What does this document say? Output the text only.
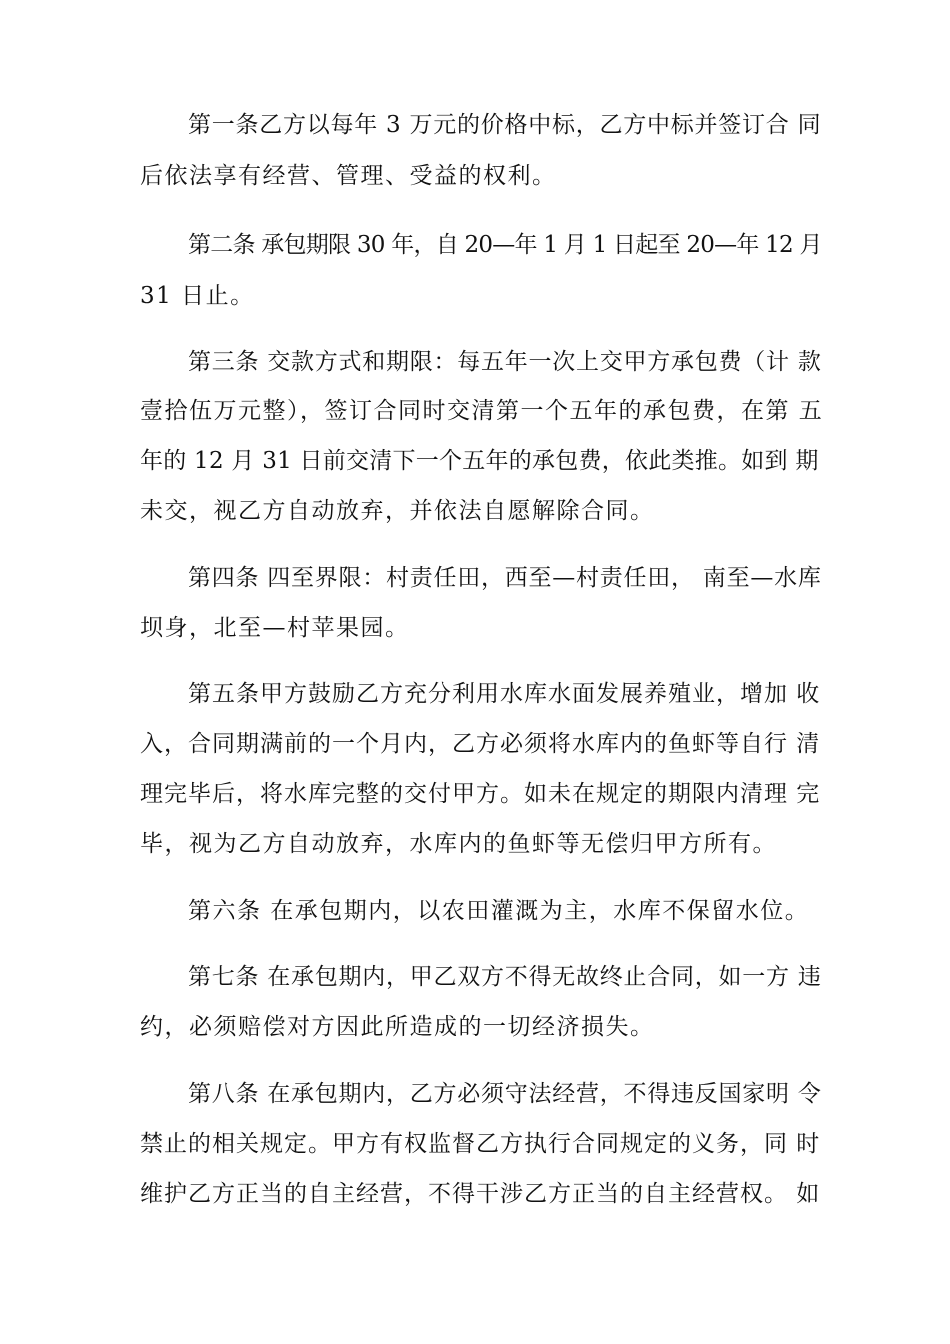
第一条乙方以每年 3 万元的价格中标，乙方中标并签订合 同
后依法享有经营、管理、受益的权利。
第二条 承包期限 30 年，自 20—年 1 月 1 日起至 20—年 12 月
31 日止。
第三条 交款方式和期限：每五年一次上交甲方承包费（计 款
壹拾伍万元整），签订合同时交清第一个五年的承包费，在第 五
年的 12 月 31 日前交清下一个五年的承包费，依此类推。如到 期
未交，视乙方自动放弃，并依法自愿解除合同。
第四条 四至界限：村责任田，西至—村责任田， 南至—水库
坝身，北至—村苹果园。
第五条甲方鼓励乙方充分利用水库水面发展养殖业，增加 收
入，合同期满前的一个月内，乙方必须将水库内的鱼虾等自行 清
理完毕后，将水库完整的交付甲方。如未在规定的期限内清理 完
毕，视为乙方自动放弃，水库内的鱼虾等无偿归甲方所有。
第六条 在承包期内，以农田灌溉为主，水库不保留水位。
第七条 在承包期内，甲乙双方不得无故终止合同，如一方 违
约，必须赔偿对方因此所造成的一切经济损失。
第八条 在承包期内，乙方必须守法经营，不得违反国家明 令
禁止的相关规定。甲方有权监督乙方执行合同规定的义务，同 时
维护乙方正当的自主经营，不得干涉乙方正当的自主经营权。 如
